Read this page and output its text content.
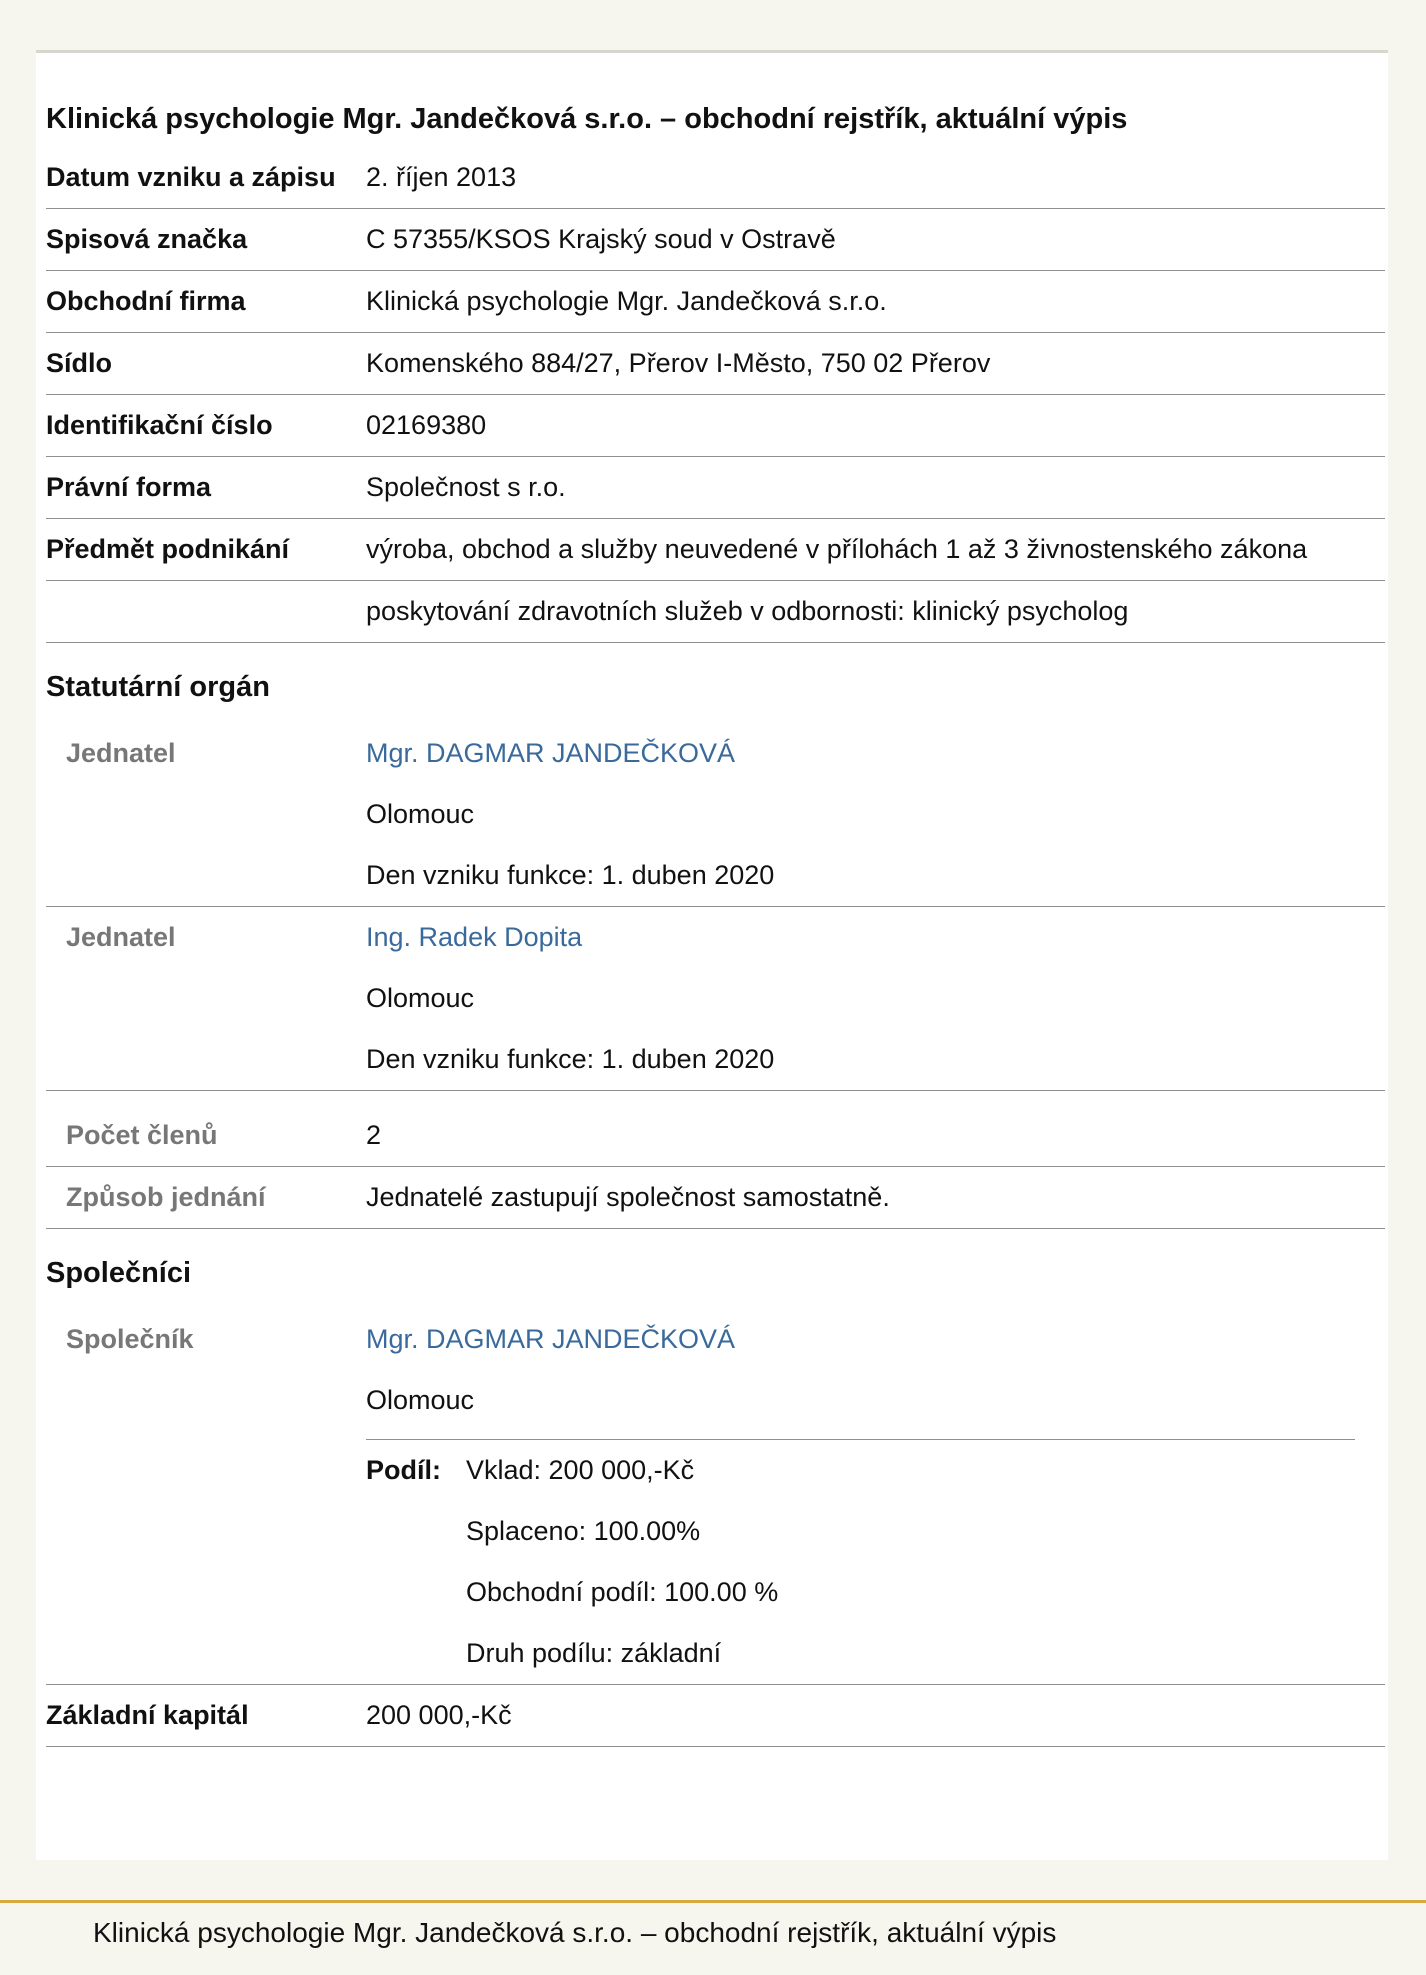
Klinická psychologie Mgr. Jandečková s.r.o. – obchodní rejstřík, aktuální výpis
Datum vzniku a zápisu 2. říjen 2013
Spisová značka	C 57355/KSOS Krajský soud v Ostravě
Obchodní firma	Klinická psychologie Mgr. Jandečková s.r.o.
Sídlo	Komenského 884/27, Přerov I-Město, 750 02 Přerov
Identifikační číslo	02169380
Právní forma	Společnost s r.o.
Předmět podnikání	výroba, obchod a služby neuvedené v přílohách 1 až 3 živnostenského zákona
poskytování zdravotních služeb v odbornosti: klinický psycholog
Statutární orgán
Jednatel	Mgr. DAGMAR JANDEČKOVÁ
Olomouc
Den vzniku funkce: 1. duben 2020
Jednatel	Ing. Radek Dopita
Olomouc
Den vzniku funkce: 1. duben 2020
Počet členů	2
Způsob jednání	Jednatelé zastupují společnost samostatně.
Společníci
Společník	Mgr. DAGMAR JANDEČKOVÁ
Olomouc
Podíl: Vklad: 200 000,-Kč
Splaceno: 100.00%
Obchodní podíl: 100.00 %
Druh podílu: základní
Základní kapitál	200 000,-Kč
Klinická psychologie Mgr. Jandečková s.r.o. – obchodní rejstřík, aktuální výpis
